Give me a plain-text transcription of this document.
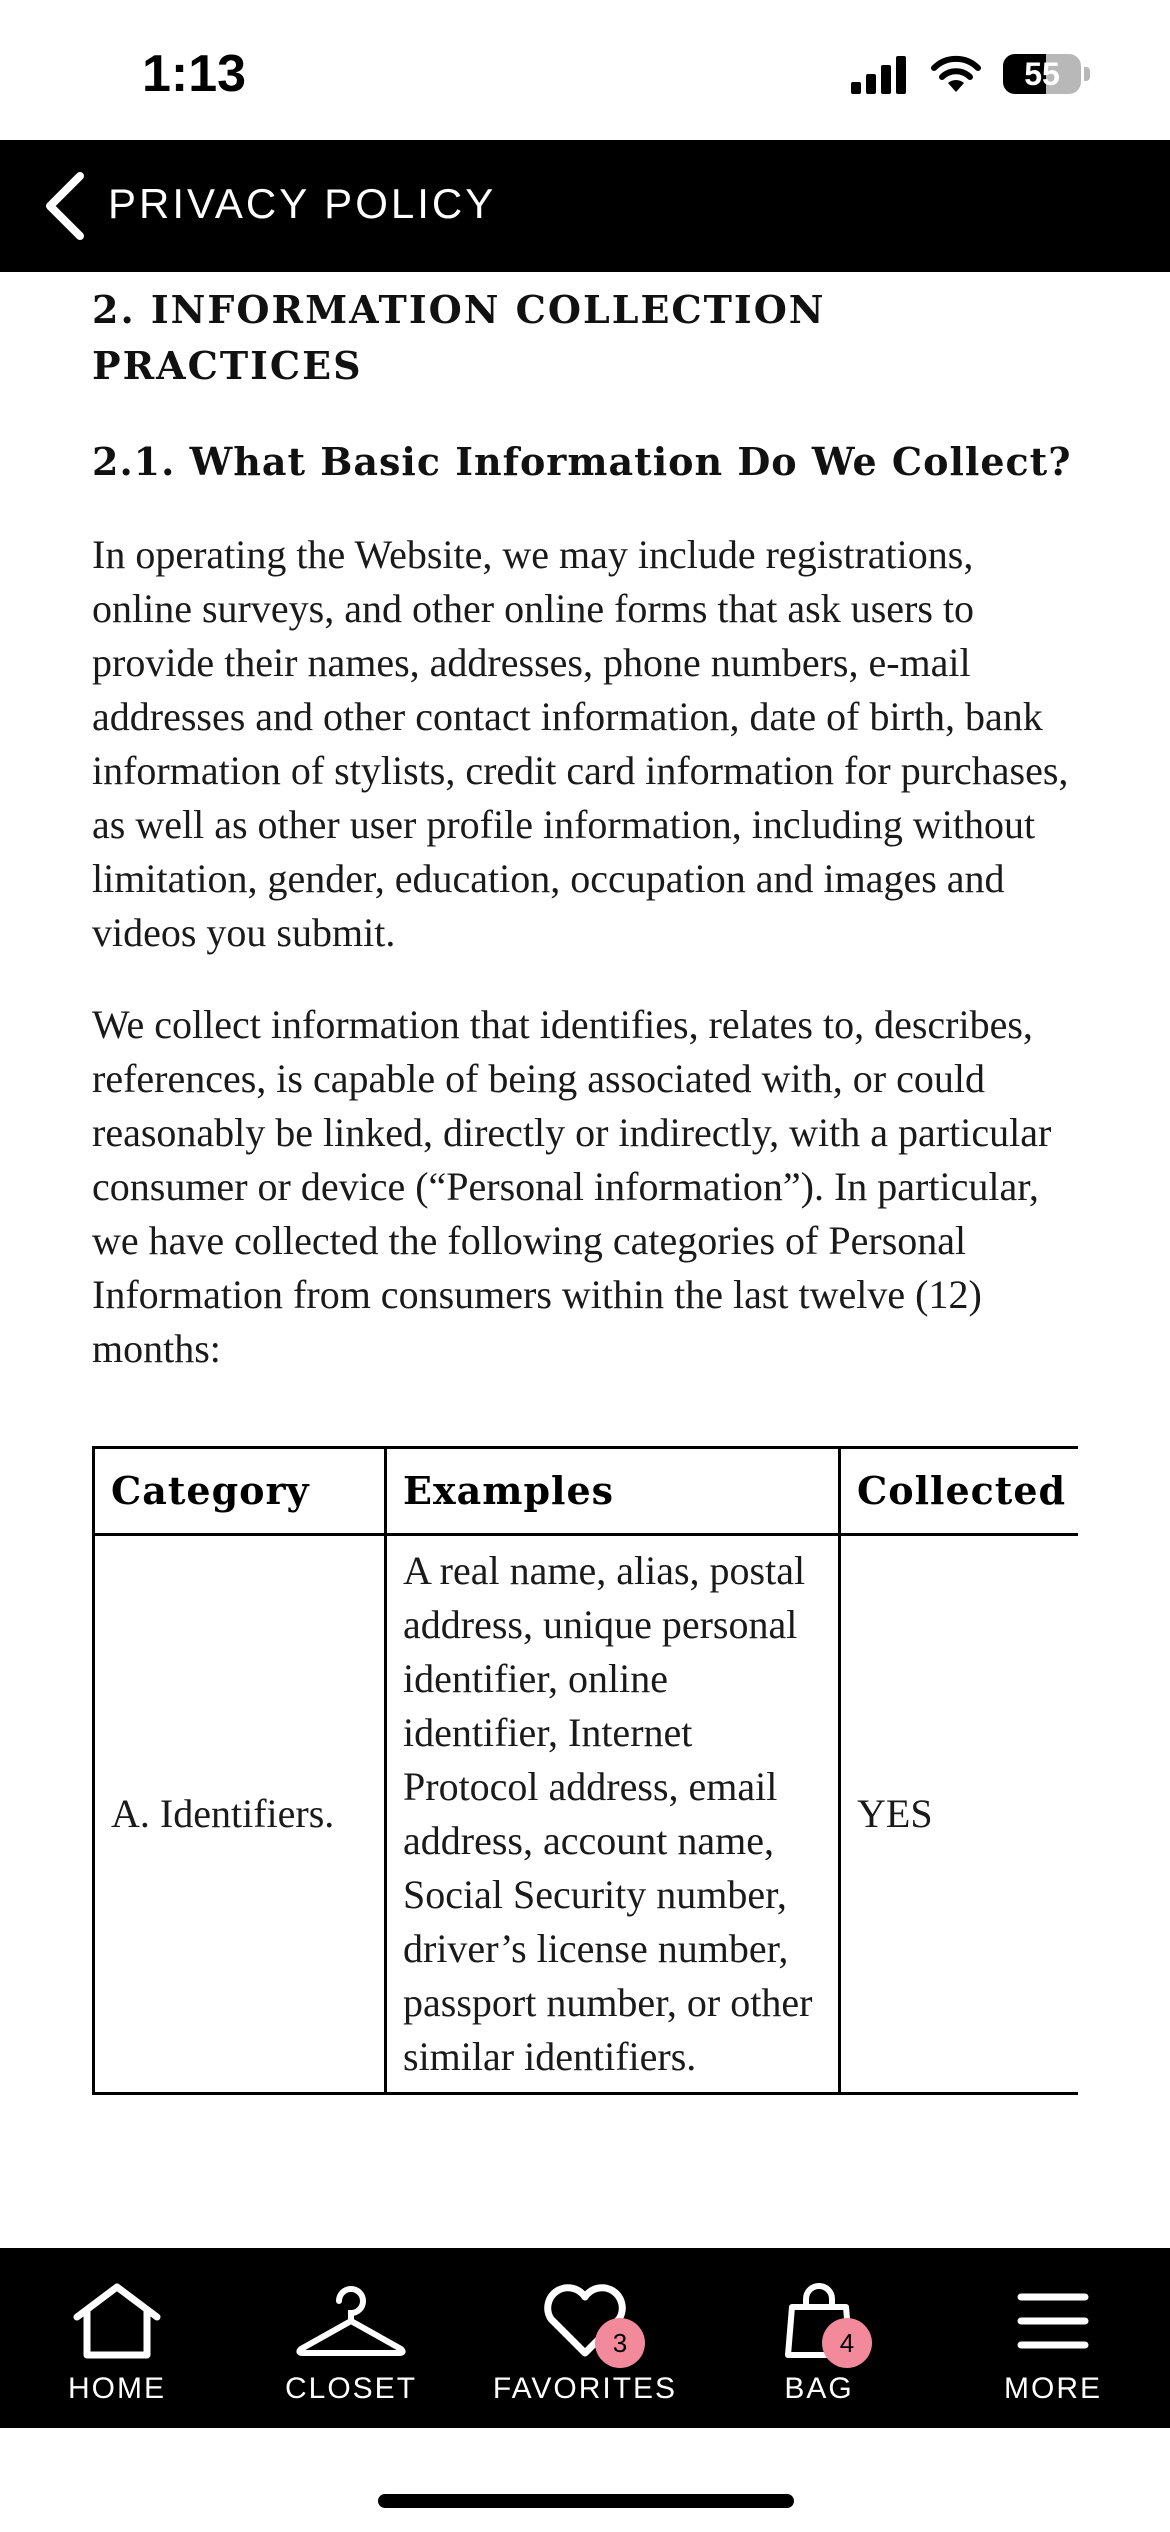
1:13	55
PRIVACY POLICY
2. INFORMATION COLLECTION PRACTICES
2.1. What Basic Information Do We Collect?

In operating the Website, we may include registrations, online surveys, and other online forms that ask users to provide their names, addresses, phone numbers, e-mail addresses and other contact information, date of birth, bank information of stylists, credit card information for purchases, as well as other user profile information, including without limitation, gender, education, occupation and images and videos you submit.

We collect information that identifies, relates to, describes, references, is capable of being associated with, or could reasonably be linked, directly or indirectly, with a particular consumer or device (“Personal information”). In particular, we have collected the following categories of Personal Information from consumers within the last twelve (12) months:

Category	Examples	Collected
A. Identifiers.	A real name, alias, postal address, unique personal identifier, online identifier, Internet Protocol address, email address, account name, Social Security number, driver’s license number, passport number, or other similar identifiers.	YES
HOME	CLOSET
3
FAVORITES
4
BAG	MORE
